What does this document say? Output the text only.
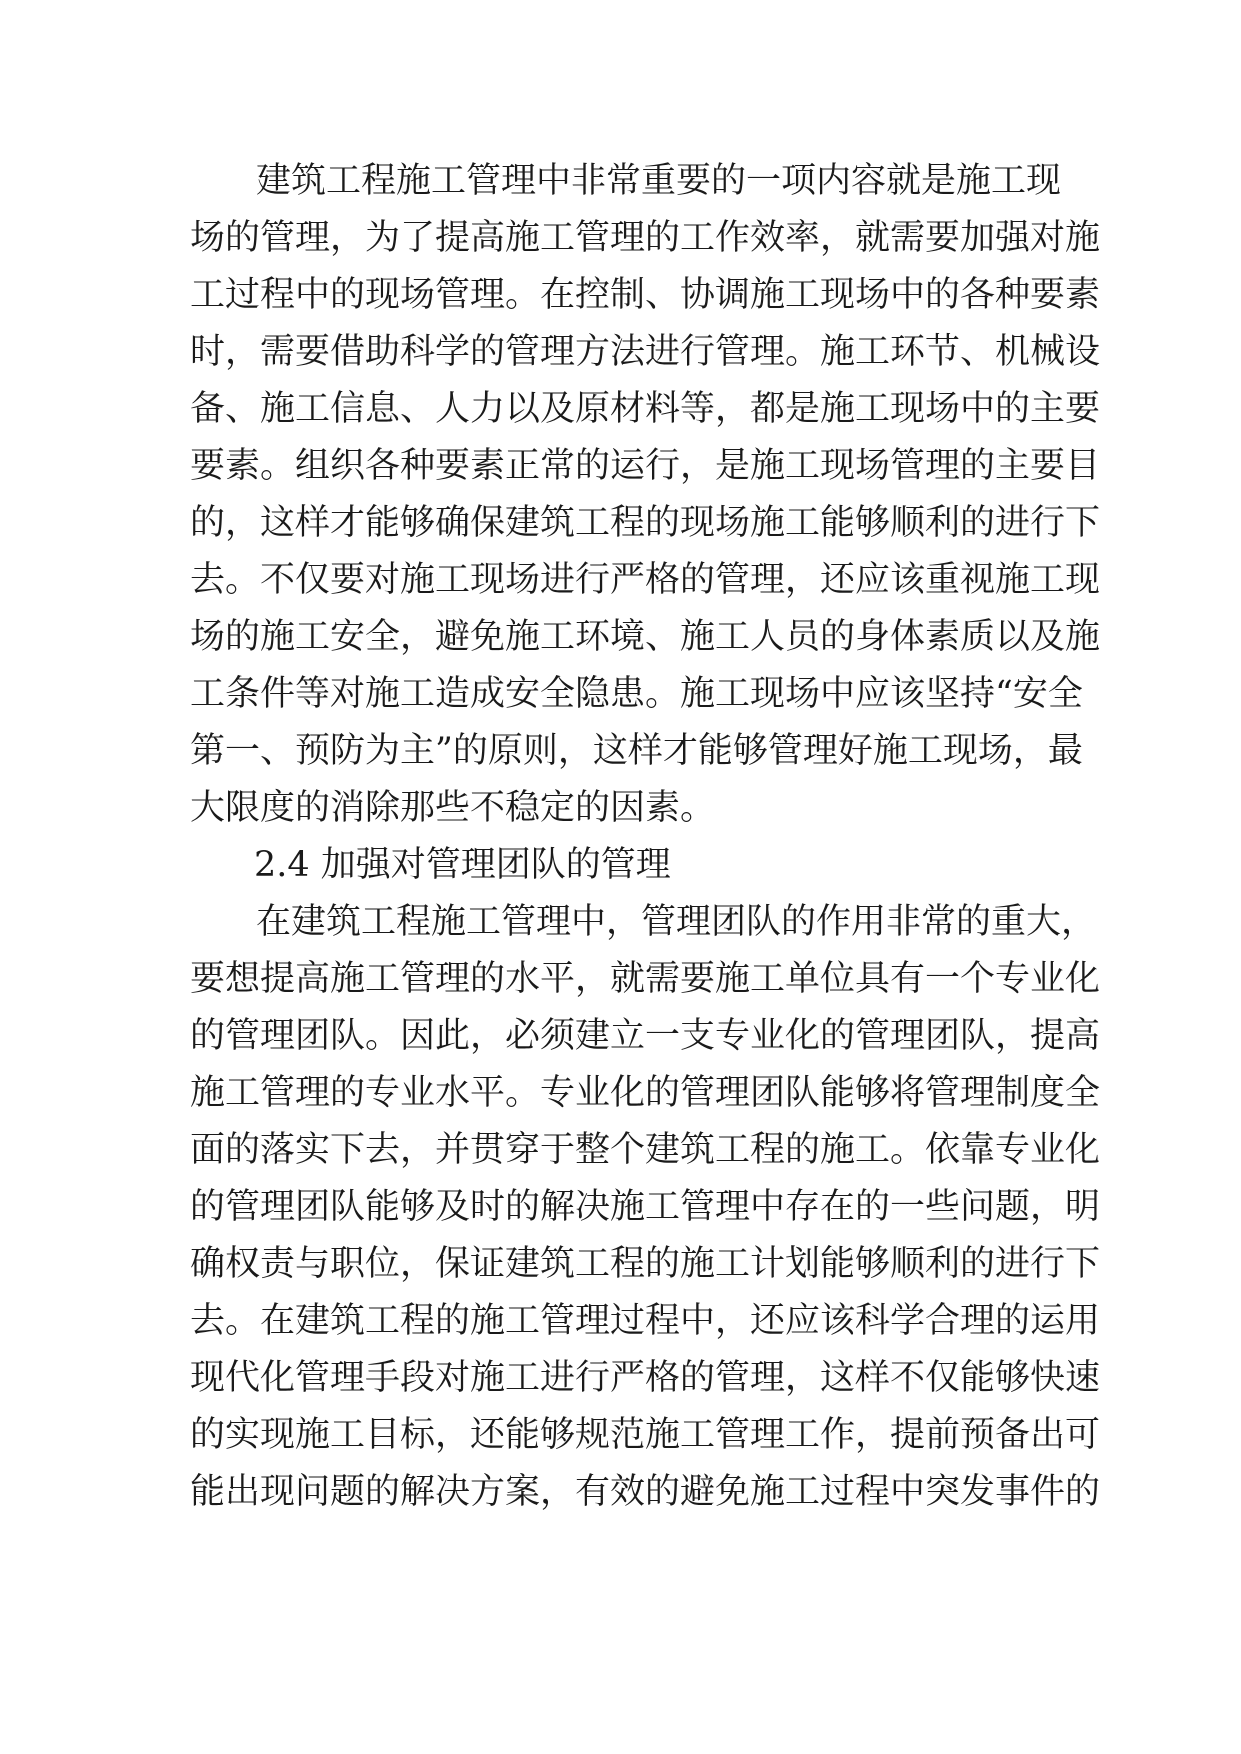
建筑工程施工管理中非常重要的一项内容就是施工现
场的管理，为了提高施工管理的工作效率，就需要加强对施
工过程中的现场管理。在控制、协调施工现场中的各种要素
时，需要借助科学的管理方法进行管理。施工环节、机械设
备、施工信息、人力以及原材料等，都是施工现场中的主要
要素。组织各种要素正常的运行，是施工现场管理的主要目
的，这样才能够确保建筑工程的现场施工能够顺利的进行下
去。不仅要对施工现场进行严格的管理，还应该重视施工现
场的施工安全，避免施工环境、施工人员的身体素质以及施
工条件等对施工造成安全隐患。施工现场中应该坚持“安全
第一、预防为主”的原则，这样才能够管理好施工现场，最
大限度的消除那些不稳定的因素。
2.4 加强对管理团队的管理
在建筑工程施工管理中，管理团队的作用非常的重大，
要想提高施工管理的水平，就需要施工单位具有一个专业化
的管理团队。因此，必须建立一支专业化的管理团队，提高
施工管理的专业水平。专业化的管理团队能够将管理制度全
面的落实下去，并贯穿于整个建筑工程的施工。依靠专业化
的管理团队能够及时的解决施工管理中存在的一些问题，明
确权责与职位，保证建筑工程的施工计划能够顺利的进行下
去。在建筑工程的施工管理过程中，还应该科学合理的运用
现代化管理手段对施工进行严格的管理，这样不仅能够快速
的实现施工目标，还能够规范施工管理工作，提前预备出可
能出现问题的解决方案，有效的避免施工过程中突发事件的
